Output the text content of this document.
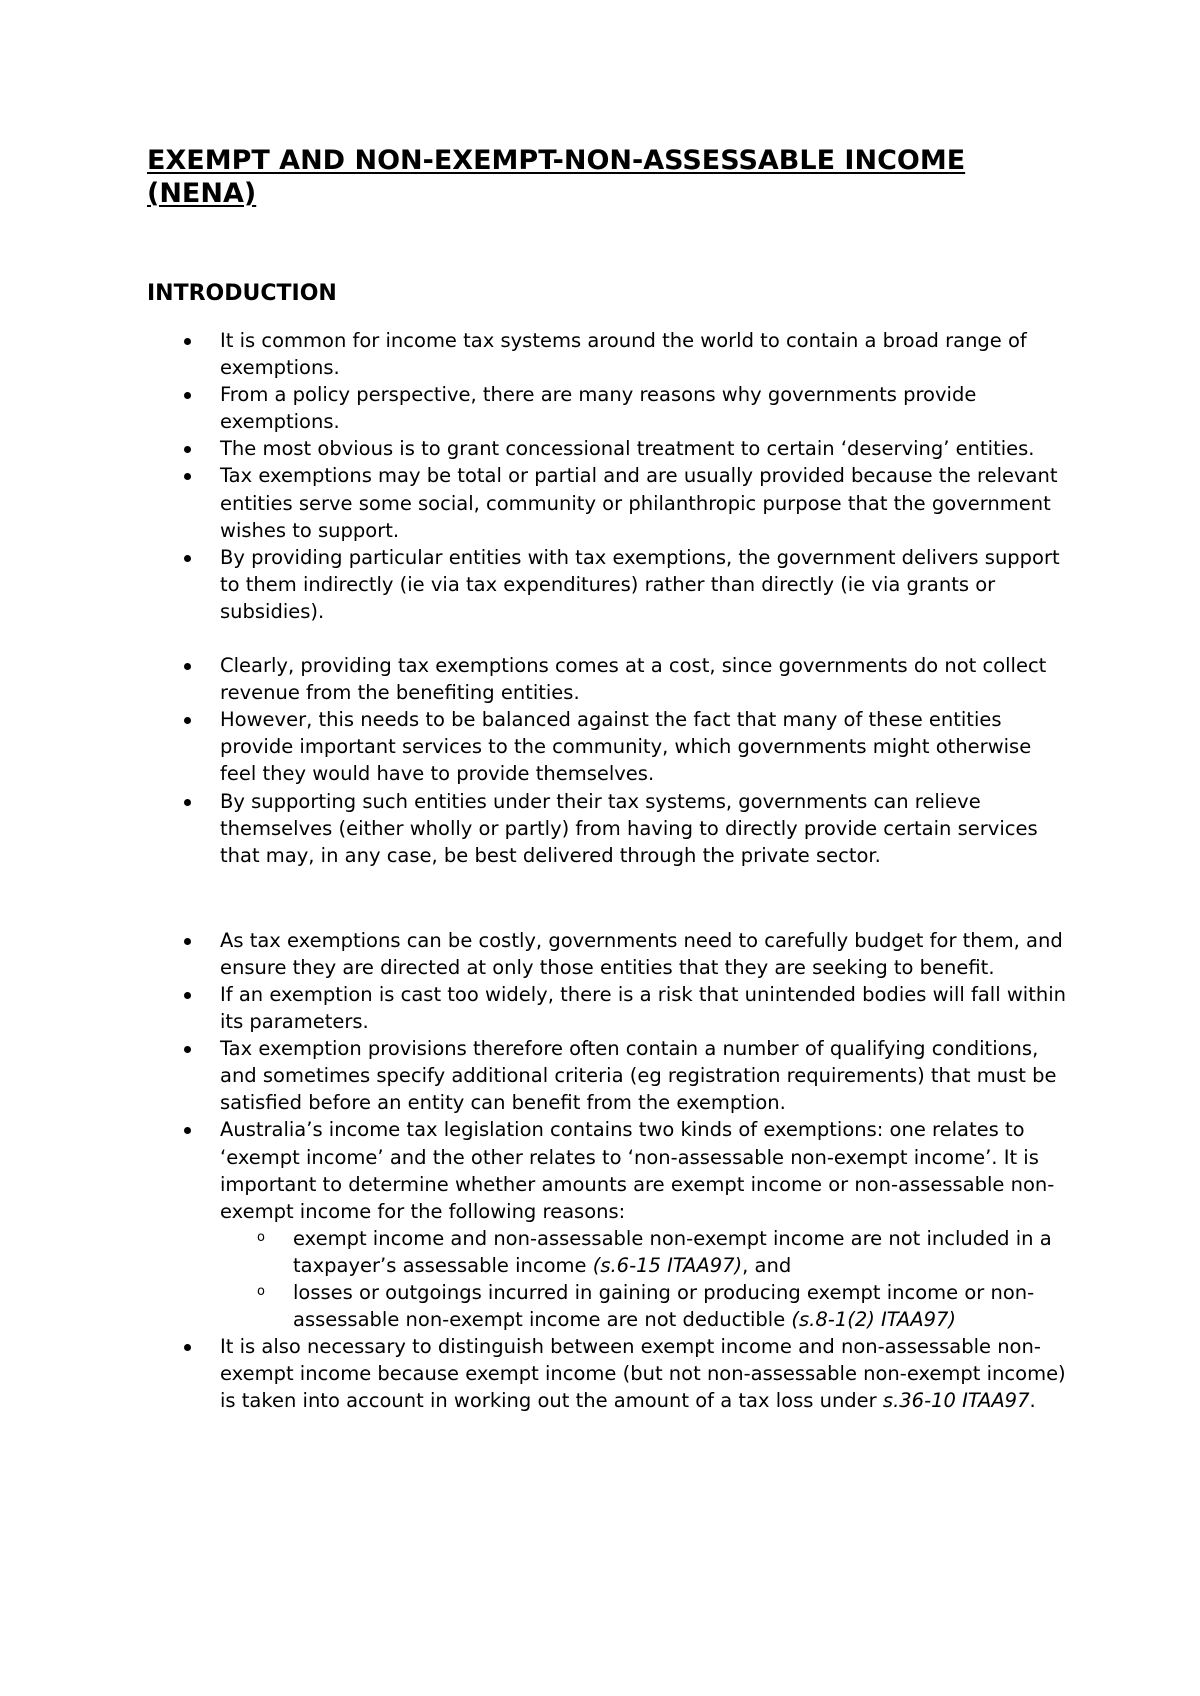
EXEMPT AND NON-EXEMPT-NON-ASSESSABLE INCOME (NENA)
INTRODUCTION
It is common for income tax systems around the world to contain a broad range of exemptions.
From a policy perspective, there are many reasons why governments provide exemptions.
The most obvious is to grant concessional treatment to certain ‘deserving’ entities.
Tax exemptions may be total or partial and are usually provided because the relevant entities serve some social, community or philanthropic purpose that the government wishes to support.
By providing particular entities with tax exemptions, the government delivers support to them indirectly (ie via tax expenditures) rather than directly (ie via grants or subsidies).
Clearly, providing tax exemptions comes at a cost, since governments do not collect revenue from the benefiting entities.
However, this needs to be balanced against the fact that many of these entities provide important services to the community, which governments might otherwise feel they would have to provide themselves.
By supporting such entities under their tax systems, governments can relieve themselves (either wholly or partly) from having to directly provide certain services that may, in any case, be best delivered through the private sector.
As tax exemptions can be costly, governments need to carefully budget for them, and ensure they are directed at only those entities that they are seeking to benefit.
If an exemption is cast too widely, there is a risk that unintended bodies will fall within its parameters.
Tax exemption provisions therefore often contain a number of qualifying conditions, and sometimes specify additional criteria (eg registration requirements) that must be satisfied before an entity can benefit from the exemption.
Australia’s income tax legislation contains two kinds of exemptions: one relates to ‘exempt income’ and the other relates to ‘non-assessable non-exempt income’. It is important to determine whether amounts are exempt income or non-assessable non-exempt income for the following reasons:
o exempt income and non-assessable non-exempt income are not included in a taxpayer’s assessable income (s.6-15 ITAA97), and
o losses or outgoings incurred in gaining or producing exempt income or non-assessable non-exempt income are not deductible (s.8-1(2) ITAA97)
It is also necessary to distinguish between exempt income and non-assessable non-exempt income because exempt income (but not non-assessable non-exempt income) is taken into account in working out the amount of a tax loss under s.36-10 ITAA97.
